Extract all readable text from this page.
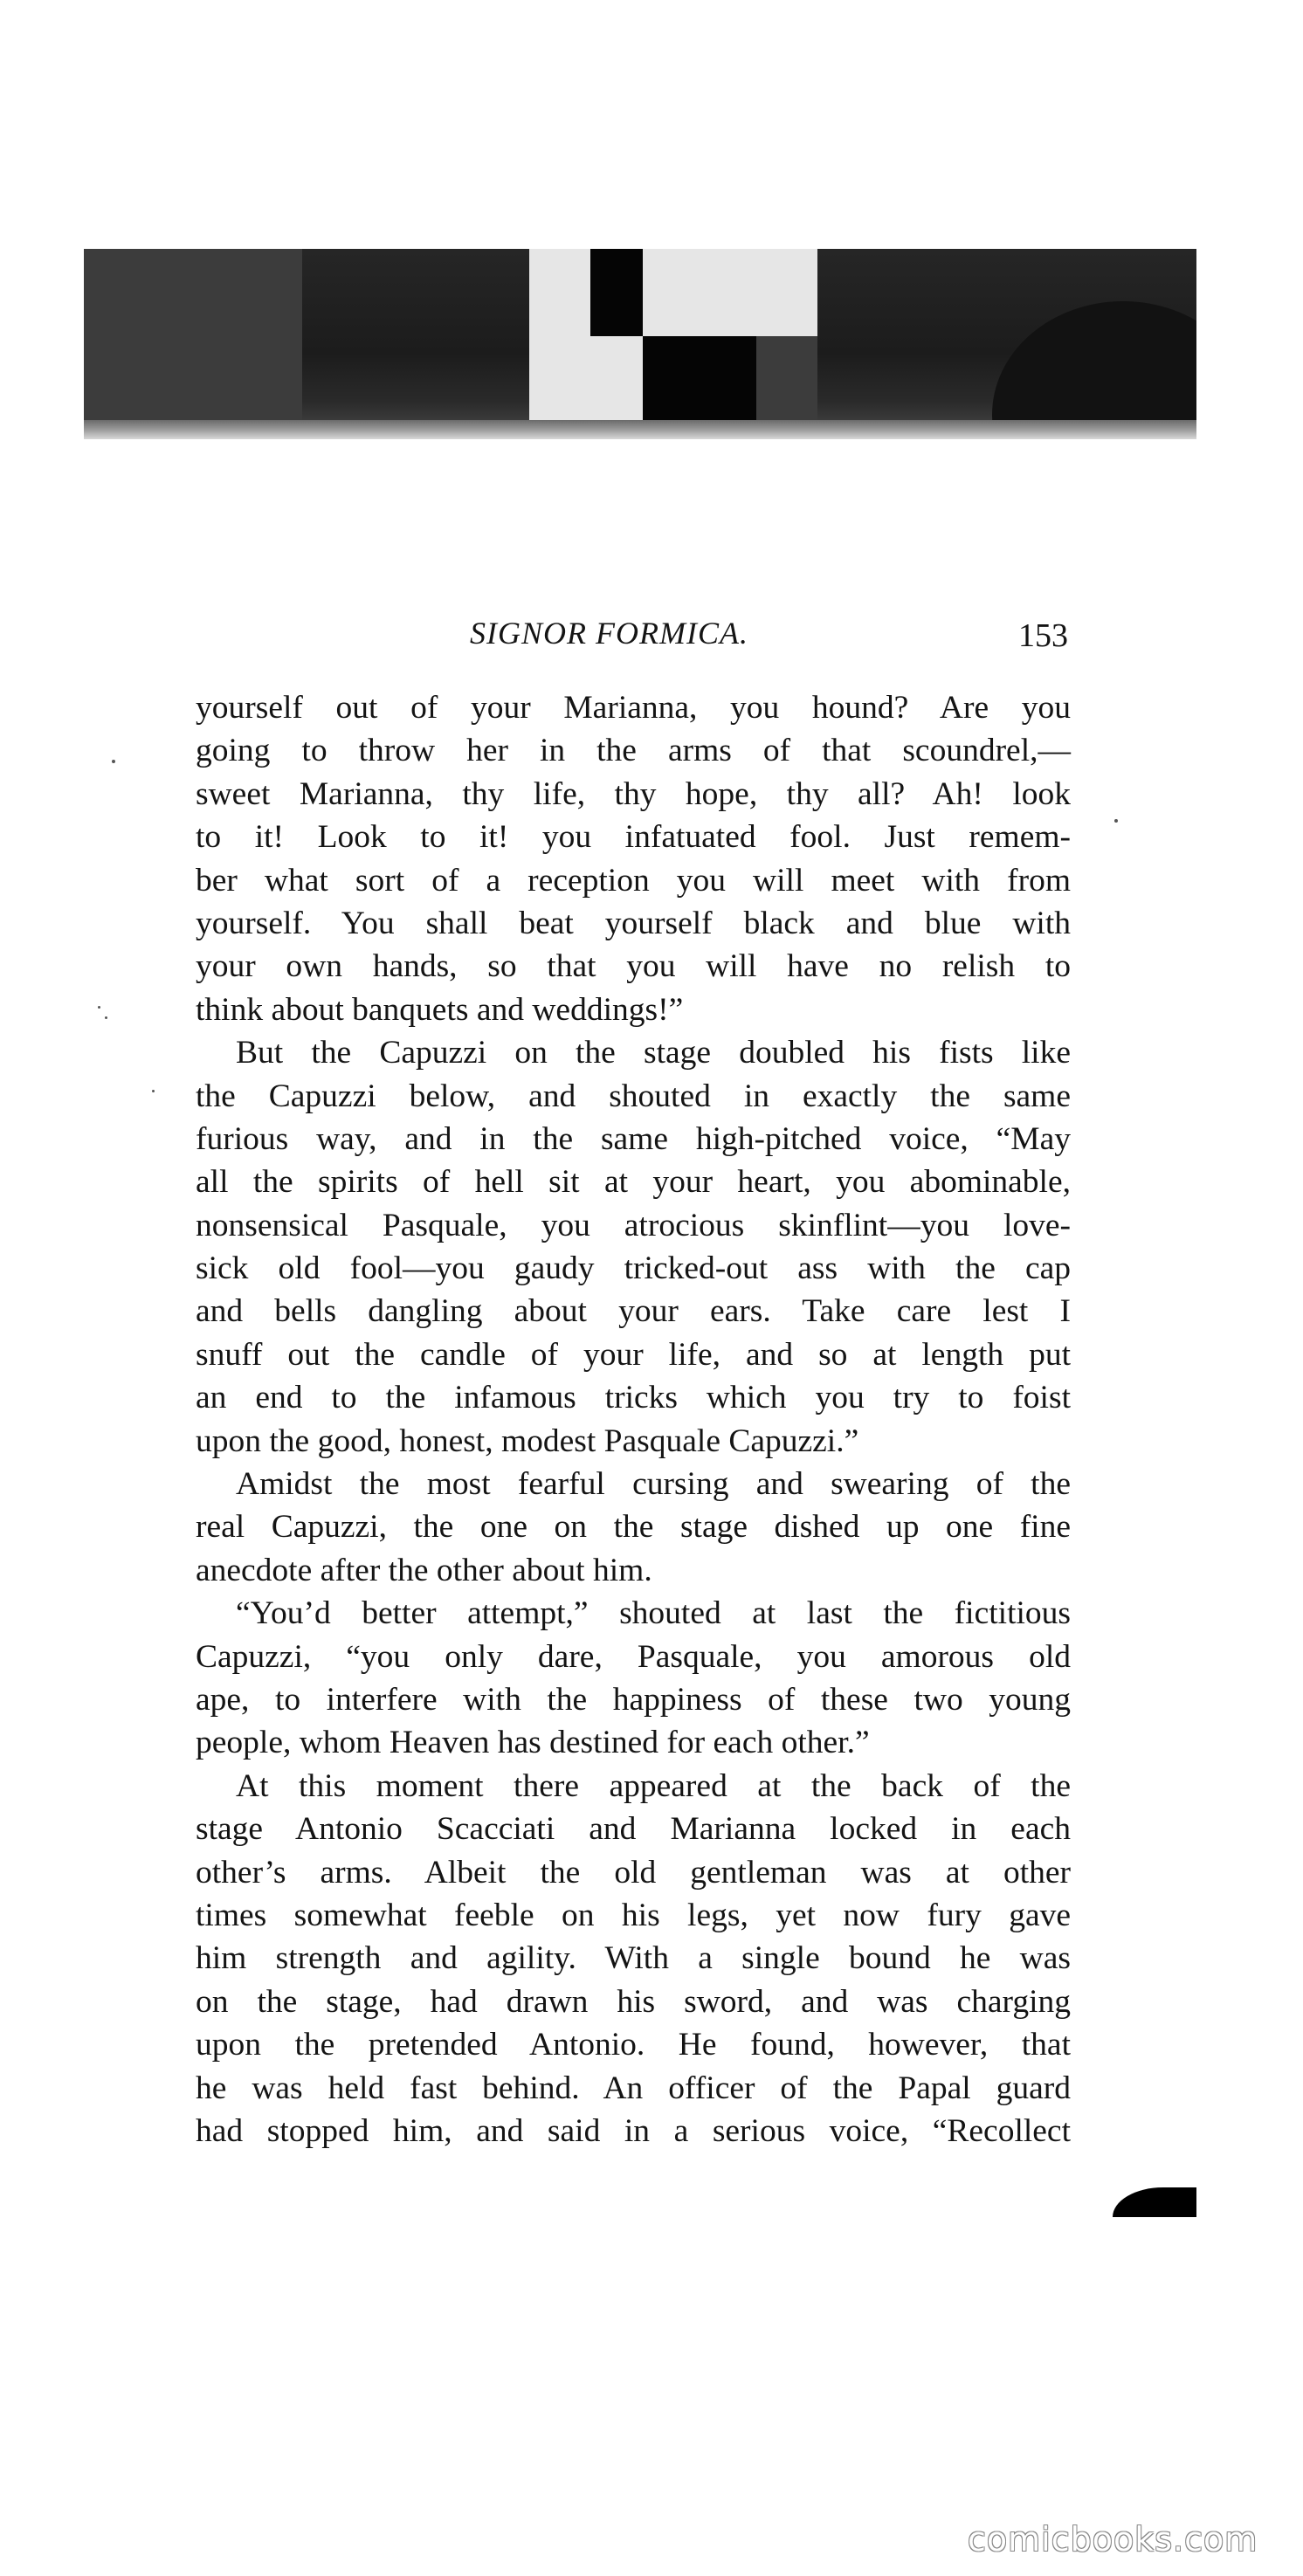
SIGNOR FORMICA.	153
yourself out of your Marianna, you hound? Are you
going to throw her in the arms of that scoundrel,—
sweet Marianna, thy life, thy hope, thy all? Ah! look
to it! Look to it! you infatuated fool. Just remem-
ber what sort of a reception you will meet with from
yourself. You shall beat yourself black and blue with
your own hands, so that you will have no relish to
think about banquets and weddings!”
But the Capuzzi on the stage doubled his fists like
the Capuzzi below, and shouted in exactly the same
furious way, and in the same high-pitched voice, “May
all the spirits of hell sit at your heart, you abominable,
nonsensical Pasquale, you atrocious skinflint—you love-
sick old fool—you gaudy tricked-out ass with the cap
and bells dangling about your ears. Take care lest I
snuff out the candle of your life, and so at length put
an end to the infamous tricks which you try to foist
upon the good, honest, modest Pasquale Capuzzi.”
Amidst the most fearful cursing and swearing of the
real Capuzzi, the one on the stage dished up one fine
anecdote after the other about him.
“You’d better attempt,” shouted at last the fictitious
Capuzzi, “you only dare, Pasquale, you amorous old
ape, to interfere with the happiness of these two young
people, whom Heaven has destined for each other.”
At this moment there appeared at the back of the
stage Antonio Scacciati and Marianna locked in each
other’s arms. Albeit the old gentleman was at other
times somewhat feeble on his legs, yet now fury gave
him strength and agility. With a single bound he was
on the stage, had drawn his sword, and was charging
upon the pretended Antonio. He found, however, that
he was held fast behind. An officer of the Papal guard
had stopped him, and said in a serious voice, “Recollect
comicbooks.com
